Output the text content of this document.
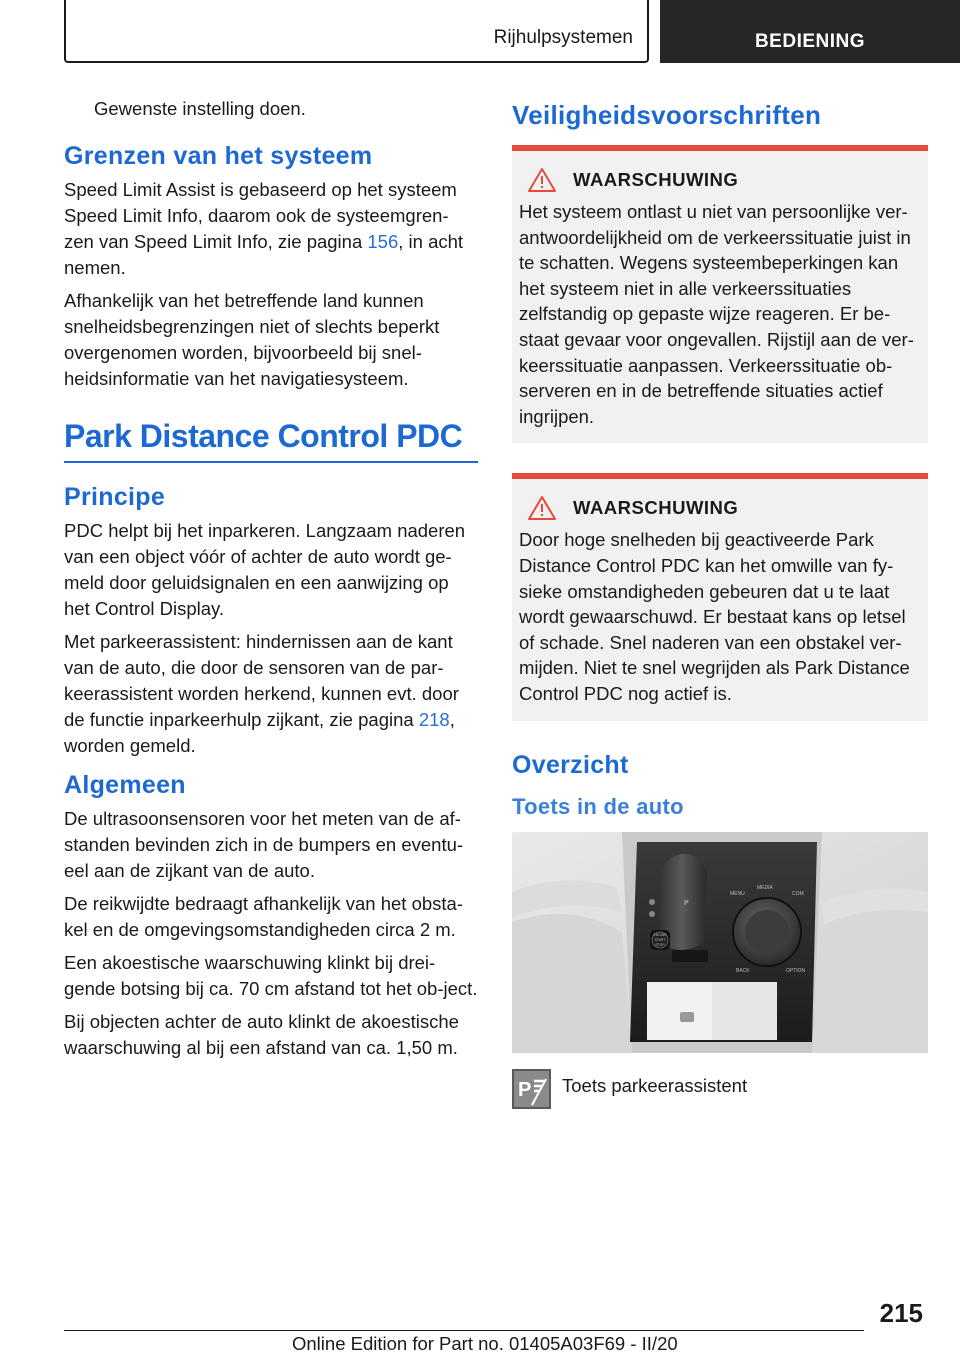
Rijhulpsystemen	BEDIENING

Gewenste instelling doen.

Grenzen van het systeem

Speed Limit Assist is gebaseerd op het systeem Speed Limit Info, daarom ook de systeemgren-zen van Speed Limit Info, zie pagina 156, in acht nemen.

Afhankelijk van het betreffende land kunnen snelheidsbegrenzingen niet of slechts beperkt overgenomen worden, bijvoorbeeld bij snel-heidsinformatie van het navigatiesysteem.

Park Distance Control PDC
Principe

PDC helpt bij het inparkeren. Langzaam naderen van een object vóór of achter de auto wordt ge-meld door geluidsignalen en een aanwijzing op het Control Display.

Met parkeerassistent: hindernissen aan de kant van de auto, die door de sensoren van de par-keerassistent worden herkend, kunnen evt. door de functie inparkeerhulp zijkant, zie pagina 218, worden gemeld.

Algemeen

De ultrasoonsensoren voor het meten van de af-standen bevinden zich in de bumpers en eventu-eel aan de zijkant van de auto.

De reikwijdte bedraagt afhankelijk van het obsta-kel en de omgevingsomstandigheden circa 2 m.

Een akoestische waarschuwing klinkt bij drei-gende botsing bij ca. 70 cm afstand tot het ob-ject.

Bij objecten achter de auto klinkt de akoestische waarschuwing al bij een afstand van ca. 1,50 m.

Veiligheidsvoorschriften
WAARSCHUWING

Het systeem ontlast u niet van persoonlijke ver-antwoordelijkheid om de verkeerssituatie juist in te schatten. Wegens systeembeperkingen kan het systeem niet in alle verkeerssituaties zelfstandig op gepaste wijze reageren. Er be-staat gevaar voor ongevallen. Rijstijl aan de ver-keerssituatie aanpassen. Verkeerssituatie ob-serveren en in de betreffende situaties actief ingrijpen.

WAARSCHUWING

Door hoge snelheden bij geactiveerde Park Distance Control PDC kan het omwille van fy-sieke omstandigheden gebeuren dat u te laat wordt gewaarschuwd. Er bestaat kans op letsel of schade. Snel naderen van een obstakel ver-mijden. Niet te snel wegrijden als Park Distance Control PDC nog actief is.

Overzicht
Toets in de auto
P
ENGINE
START
STOP
MENU
MEDIA
COM
BACK	OPTION
P Toets parkeerassistent

215
Online Edition for Part no. 01405A03F69 - II/20
